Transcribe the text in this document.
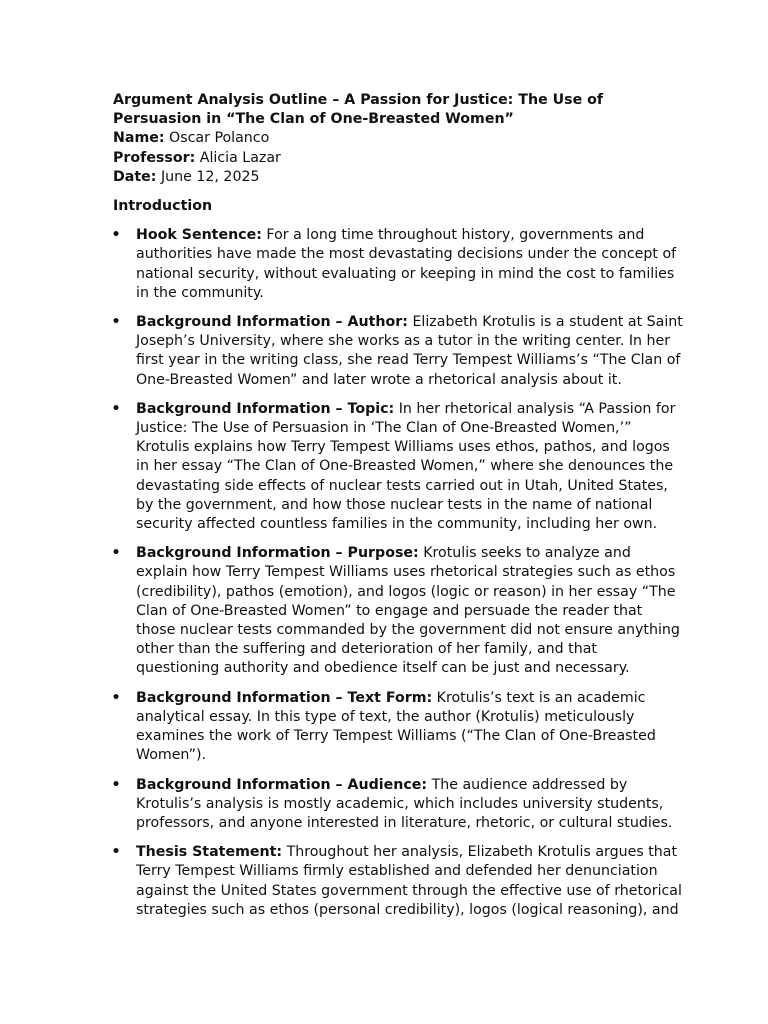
Argument Analysis Outline – A Passion for Justice: The Use of Persuasion in “The Clan of One-Breasted Women”

Name: Oscar Polanco

Professor: Alicia Lazar

Date: June 12, 2025

Introduction

• Hook Sentence: For a long time throughout history, governments and authorities have made the most devastating decisions under the concept of national security, without evaluating or keeping in mind the cost to families in the community.
• Background Information – Author: Elizabeth Krotulis is a student at Saint Joseph’s University, where she works as a tutor in the writing center. In her first year in the writing class, she read Terry Tempest Williams’s “The Clan of One-Breasted Women” and later wrote a rhetorical analysis about it.
• Background Information – Topic: In her rhetorical analysis “A Passion for Justice: The Use of Persuasion in ‘The Clan of One-Breasted Women,’” Krotulis explains how Terry Tempest Williams uses ethos, pathos, and logos in her essay “The Clan of One-Breasted Women,” where she denounces the devastating side effects of nuclear tests carried out in Utah, United States, by the government, and how those nuclear tests in the name of national security affected countless families in the community, including her own.
• Background Information – Purpose: Krotulis seeks to analyze and explain how Terry Tempest Williams uses rhetorical strategies such as ethos (credibility), pathos (emotion), and logos (logic or reason) in her essay “The Clan of One-Breasted Women” to engage and persuade the reader that those nuclear tests commanded by the government did not ensure anything other than the suffering and deterioration of her family, and that questioning authority and obedience itself can be just and necessary.
• Background Information – Text Form: Krotulis’s text is an academic analytical essay. In this type of text, the author (Krotulis) meticulously examines the work of Terry Tempest Williams (“The Clan of One-Breasted Women”).
• Background Information – Audience: The audience addressed by Krotulis’s analysis is mostly academic, which includes university students, professors, and anyone interested in literature, rhetoric, or cultural studies.
• Thesis Statement: Throughout her analysis, Elizabeth Krotulis argues that Terry Tempest Williams firmly established and defended her denunciation against the United States government through the effective use of rhetorical strategies such as ethos (personal credibility), logos (logical reasoning), and
